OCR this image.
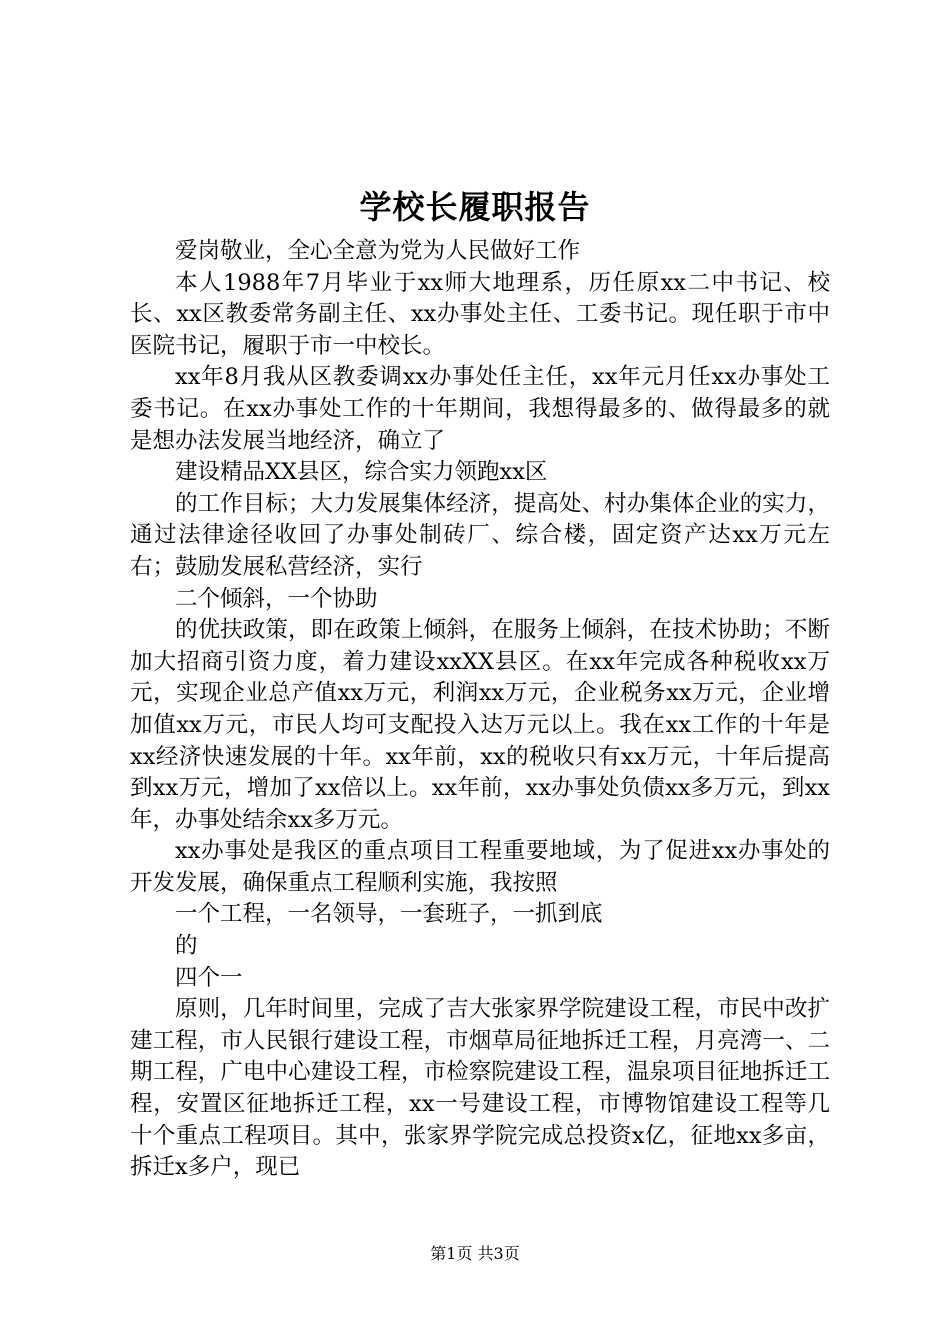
学校长履职报告

爱岗敬业，全心全意为党为人民做好工作

本人1988年7月毕业于xx师大地理系，历任原xx二中书记、校长、xx区教委常务副主任、xx办事处主任、工委书记。现任职于市中医院书记，履职于市一中校长。

xx年8月我从区教委调xx办事处任主任，xx年元月任xx办事处工委书记。在xx办事处工作的十年期间，我想得最多的、做得最多的就是想办法发展当地经济，确立了

建设精品XX县区，综合实力领跑xx区

的工作目标；大力发展集体经济，提高处、村办集体企业的实力，通过法律途径收回了办事处制砖厂、综合楼，固定资产达xx万元左右；鼓励发展私营经济，实行

二个倾斜，一个协助

的优扶政策，即在政策上倾斜，在服务上倾斜，在技术协助；不断加大招商引资力度，着力建设xxXX县区。在xx年完成各种税收xx万元，实现企业总产值xx万元，利润xx万元，企业税务xx万元，企业增加值xx万元，市民人均可支配投入达万元以上。我在xx工作的十年是xx经济快速发展的十年。xx年前，xx的税收只有xx万元，十年后提高到xx万元，增加了xx倍以上。xx年前，xx办事处负债xx多万元，到xx年，办事处结余xx多万元。

xx办事处是我区的重点项目工程重要地域，为了促进xx办事处的开发发展，确保重点工程顺利实施，我按照

一个工程，一名领导，一套班子，一抓到底

的

四个一

原则，几年时间里，完成了吉大张家界学院建设工程，市民中改扩建工程，市人民银行建设工程，市烟草局征地拆迁工程，月亮湾一、二期工程，广电中心建设工程，市检察院建设工程，温泉项目征地拆迁工程，安置区征地拆迁工程，xx一号建设工程，市博物馆建设工程等几十个重点工程项目。其中，张家界学院完成总投资x亿，征地xx多亩，拆迁x多户，现已

第1页 共3页
